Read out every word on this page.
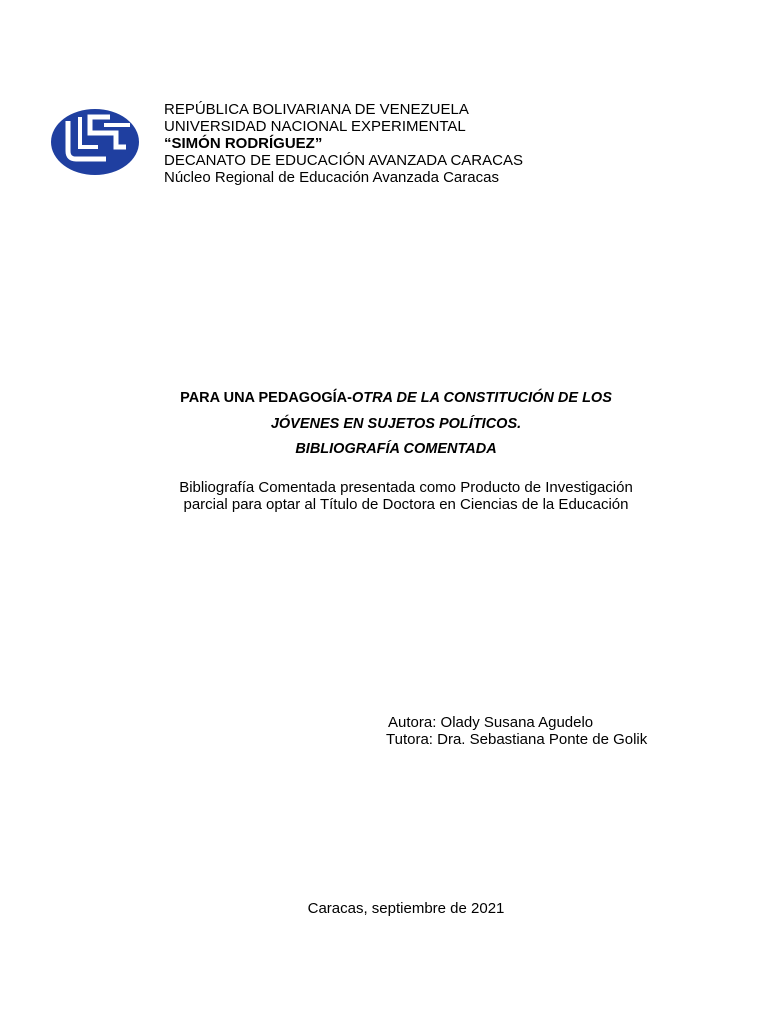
REPÚBLICA BOLIVARIANA DE VENEZUELA
UNIVERSIDAD NACIONAL EXPERIMENTAL
“SIMÓN RODRÍGUEZ”
DECANATO DE EDUCACIÓN AVANZADA CARACAS
Núcleo Regional de Educación Avanzada Caracas
PARA UNA PEDAGOGÍA-OTRA DE LA CONSTITUCIÓN DE LOS
JÓVENES EN SUJETOS POLÍTICOS.
BIBLIOGRAFÍA COMENTADA
Bibliografía Comentada presentada como Producto de Investigación
parcial para optar al Título de Doctora en Ciencias de la Educación
Autora: Olady Susana Agudelo
Tutora: Dra. Sebastiana Ponte de Golik
Caracas, septiembre de 2021
